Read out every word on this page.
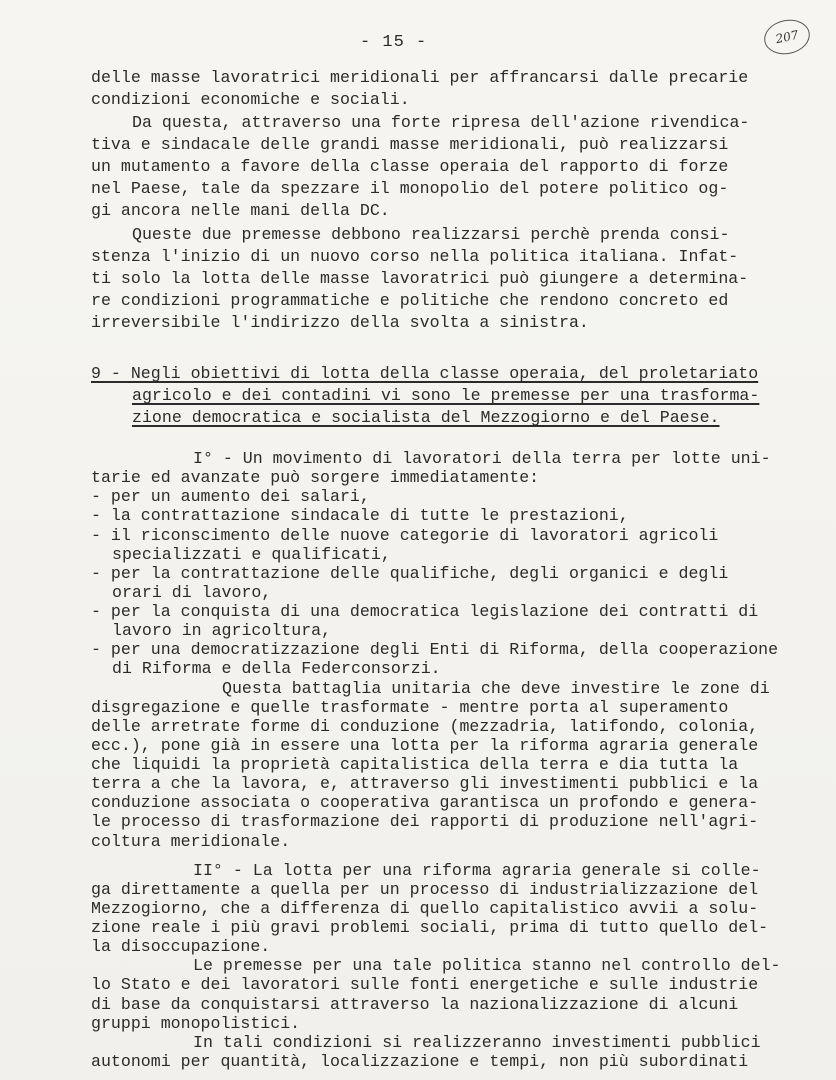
- 15 -	207
delle masse lavoratrici meridionali per affrancarsi dalle precarie
condizioni economiche e sociali.
Da questa, attraverso una forte ripresa dell'azione rivendica-
tiva e sindacale delle grandi masse meridionali, può realizzarsi
un mutamento a favore della classe operaia del rapporto di forze
nel Paese, tale da spezzare il monopolio del potere politico og-
gi ancora nelle mani della DC.
Queste due premesse debbono realizzarsi perchè prenda consi-
stenza l'inizio di un nuovo corso nella politica italiana. Infat-
ti solo la lotta delle masse lavoratrici può giungere a determina-
re condizioni programmatiche e politiche che rendono concreto ed
irreversibile l'indirizzo della svolta a sinistra.
9 - Negli obiettivi di lotta della classe operaia, del proletariato
agricolo e dei contadini vi sono le premesse per una trasforma-
zione democratica e socialista del Mezzogiorno e del Paese.
I° - Un movimento di lavoratori della terra per lotte uni-
tarie ed avanzate può sorgere immediatamente:
- per un aumento dei salari,
- la contrattazione sindacale di tutte le prestazioni,
- il riconscimento delle nuove categorie di lavoratori agricoli
specializzati e qualificati,
- per la contrattazione delle qualifiche, degli organici e degli
orari di lavoro,
- per la conquista di una democratica legislazione dei contratti di
lavoro in agricoltura,
- per una democratizzazione degli Enti di Riforma, della cooperazione
di Riforma e della Federconsorzi.
Questa battaglia unitaria che deve investire le zone di
disgregazione e quelle trasformate - mentre porta al superamento
delle arretrate forme di conduzione (mezzadria, latifondo, colonia,
ecc.), pone già in essere una lotta per la riforma agraria generale
che liquidi la proprietà capitalistica della terra e dia tutta la
terra a che la lavora, e, attraverso gli investimenti pubblici e la
conduzione associata o cooperativa garantisca un profondo e genera-
le processo di trasformazione dei rapporti di produzione nell'agri-
coltura meridionale.
II° - La lotta per una riforma agraria generale si colle-
ga direttamente a quella per un processo di industrializzazione del
Mezzogiorno, che a differenza di quello capitalistico avvii a solu-
zione reale i più gravi problemi sociali, prima di tutto quello del-
la disoccupazione.
Le premesse per una tale politica stanno nel controllo del-
lo Stato e dei lavoratori sulle fonti energetiche e sulle industrie
di base da conquistarsi attraverso la nazionalizzazione di alcuni
gruppi monopolistici.
In tali condizioni si realizzeranno investimenti pubblici
autonomi per quantità, localizzazione e tempi, non più subordinati
